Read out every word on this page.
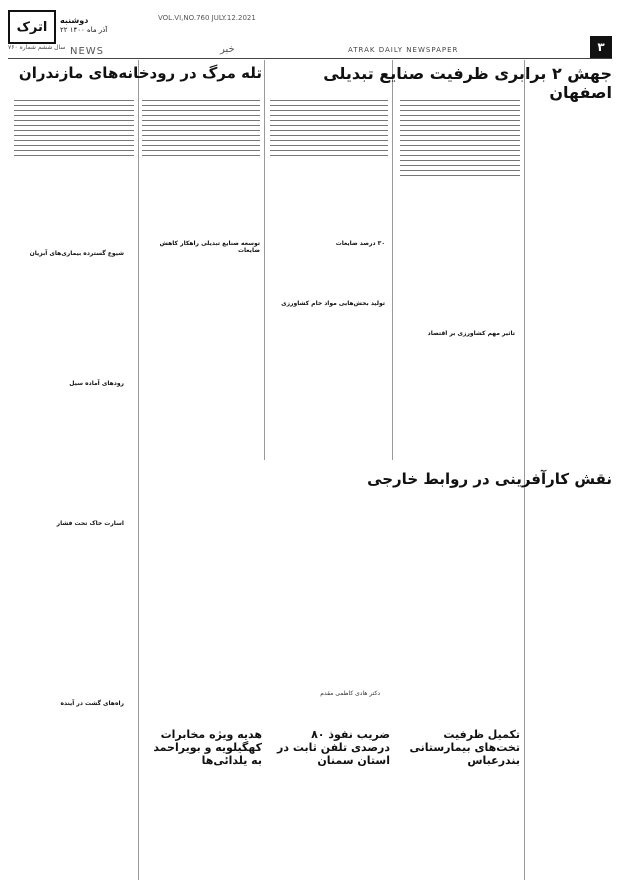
اترک	دوشنبه
۲۲ آذر ماه ۱۴۰۰
سال ششم شماره ۷۶۰ NEWS	خبر
VOL.VI,NO.760 JULY.12.2021
ATRAK DAILY NEWSPAPER	۳
جهش ۲ برابری ظرفیت صنایع تبدیلی اصفهان
تله مرگ در رودخانه‌های مازندران
توسعه صنایع تبدیلی راهکار کاهش ضایعات
۳۰ درصد ضایعات
تولید بخش‌هایی مواد خام کشاورزی
تاثیر مهم کشاورزی بر اقتصاد
شیوع گسترده بیماری‌های آبزیان
رودهای آماده سیل
اسارت خاک تحت فشار
راه‌های گشت در آینده
نقش کارآفرینی در روابط خارجی
هدیه ویژه مخابرات کهگیلویه و بویراحمد به یلدائی‌ها
ضریب نفوذ ۸۰ درصدی تلفن ثابت در استان سمنان
تکمیل ظرفیت تخت‌های بیمارستانی بندرعباس
دکتر هادی کاظمی مقدم
